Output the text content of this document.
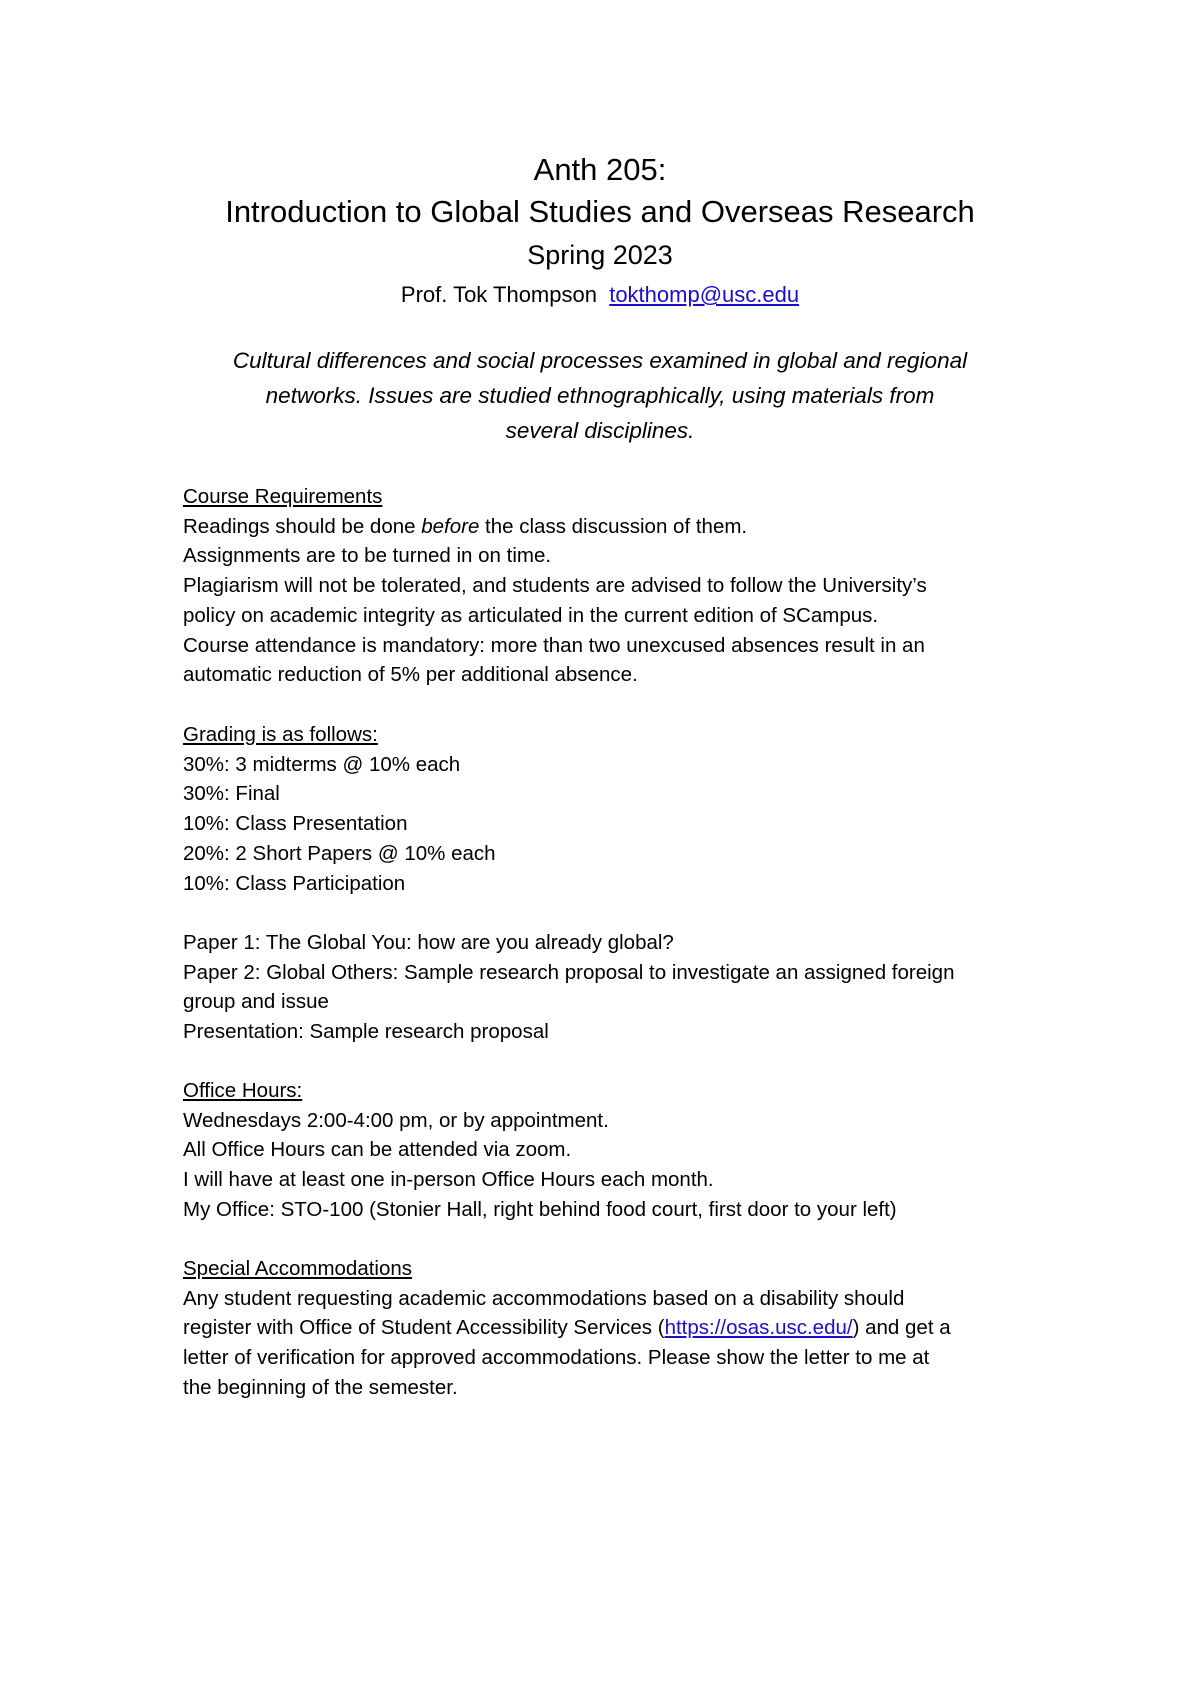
Anth 205:
Introduction to Global Studies and Overseas Research
Spring 2023
Prof. Tok Thompson tokthomp@usc.edu

Cultural differences and social processes examined in global and regional

networks. Issues are studied ethnographically, using materials from

several disciplines.

Course Requirements
Readings should be done before the class discussion of them.
Assignments are to be turned in on time.
Plagiarism will not be tolerated, and students are advised to follow the University’s
policy on academic integrity as articulated in the current edition of SCampus.
Course attendance is mandatory: more than two unexcused absences result in an
automatic reduction of 5% per additional absence.
Grading is as follows:
30%: 3 midterms @ 10% each
30%: Final
10%: Class Presentation
20%: 2 Short Papers @ 10% each
10%: Class Participation
Paper 1: The Global You: how are you already global?
Paper 2: Global Others: Sample research proposal to investigate an assigned foreign
group and issue
Presentation: Sample research proposal
Office Hours:
Wednesdays 2:00-4:00 pm, or by appointment.
All Office Hours can be attended via zoom.
I will have at least one in-person Office Hours each month.
My Office: STO-100 (Stonier Hall, right behind food court, first door to your left)
Special Accommodations
Any student requesting academic accommodations based on a disability should
register with Office of Student Accessibility Services (https://osas.usc.edu/) and get a
letter of verification for approved accommodations. Please show the letter to me at
the beginning of the semester.
